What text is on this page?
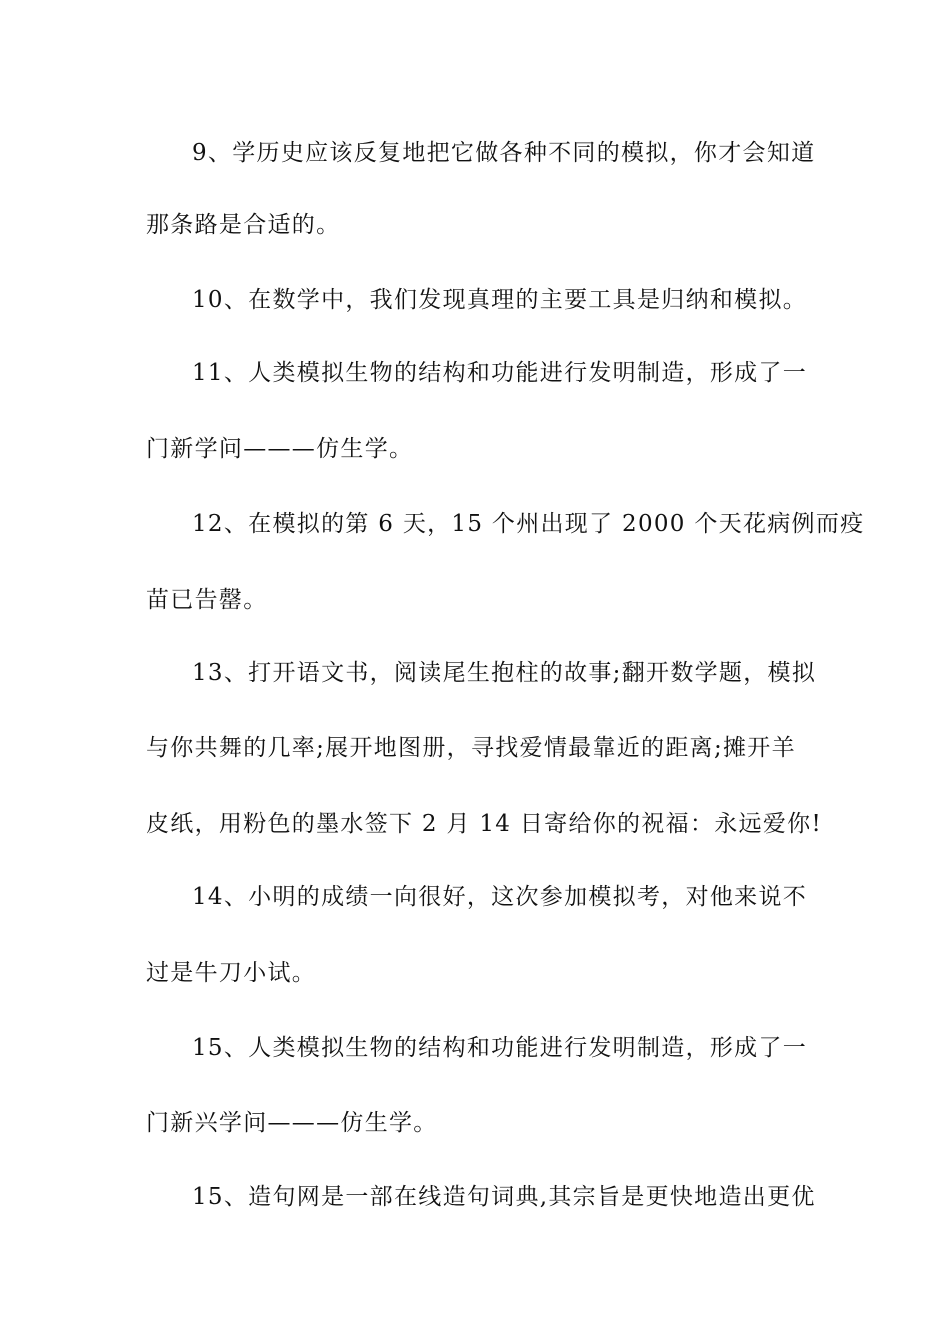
9、学历史应该反复地把它做各种不同的模拟，你才会知道
那条路是合适的。
10、在数学中，我们发现真理的主要工具是归纳和模拟。
11、人类模拟生物的结构和功能进行发明制造，形成了一
门新学问———仿生学。
12、在模拟的第 6 天，15 个州出现了 2000 个天花病例而疫
苗已告罄。
13、打开语文书，阅读尾生抱柱的故事;翻开数学题，模拟
与你共舞的几率;展开地图册，寻找爱情最靠近的距离;摊开羊
皮纸，用粉色的墨水签下 2 月 14 日寄给你的祝福：永远爱你!
14、小明的成绩一向很好，这次参加模拟考，对他来说不
过是牛刀小试。
15、人类模拟生物的结构和功能进行发明制造，形成了一
门新兴学问———仿生学。
15、造句网是一部在线造句词典,其宗旨是更快地造出更优
